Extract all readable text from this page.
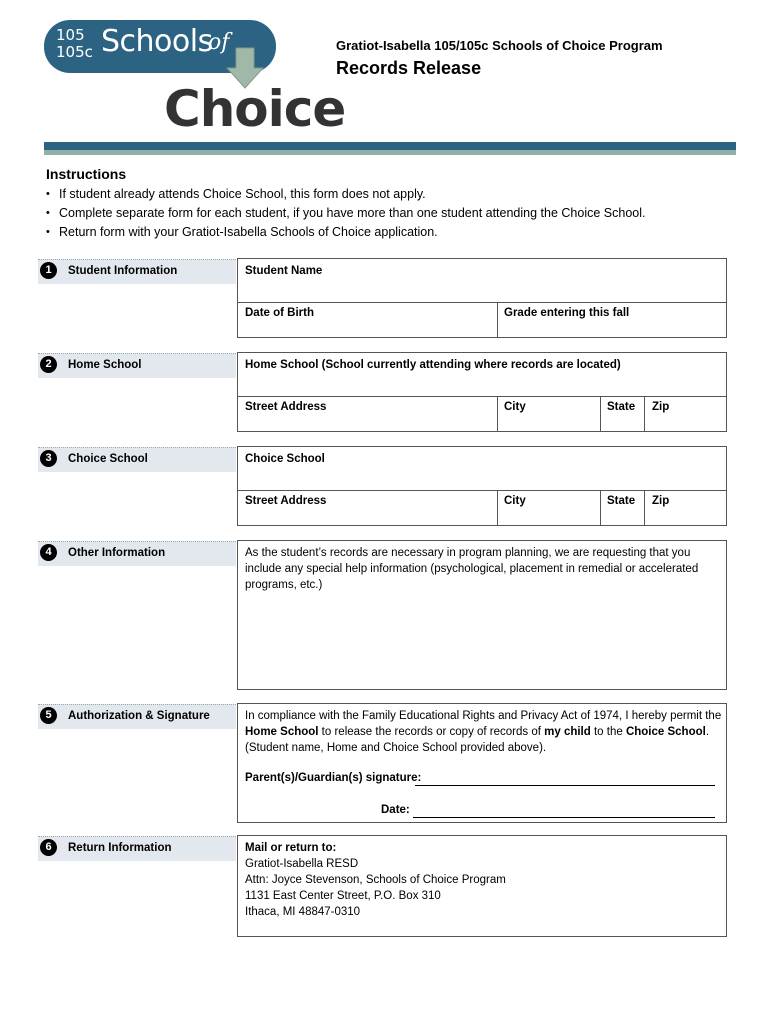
105
105c Schools
of
Choice
Gratiot-Isabella 105/105c Schools of Choice Program
Records Release
Instructions
• If student already attends Choice School, this form does not apply.
• Complete separate form for each student, if you have more than one student attending the Choice School.
• Return form with your Gratiot-Isabella Schools of Choice application.
1	Student Information	Student Name
Date of Birth	Grade entering this fall
2	Home School	Home School (School currently attending where records are located)
Street Address	City	State Zip
3	Choice School	Choice School
Street Address	City	State Zip
4	Other Information	As the student’s records are necessary in program planning, we are requesting that you include any special help information (psychological, placement in remedial or accelerated programs, etc.)
5	Authorization & Signature	In compliance with the Family Educational Rights and Privacy Act of 1974, I hereby permit the
Home School to release the records or copy of records of my child to the Choice School.
(Student name, Home and Choice School provided above).
Parent(s)/Guardian(s) signature:
Date:
6	Return Information	Mail or return to:
Gratiot-Isabella RESD
Attn: Joyce Stevenson, Schools of Choice Program
1131 East Center Street, P.O. Box 310
Ithaca, MI 48847-0310
